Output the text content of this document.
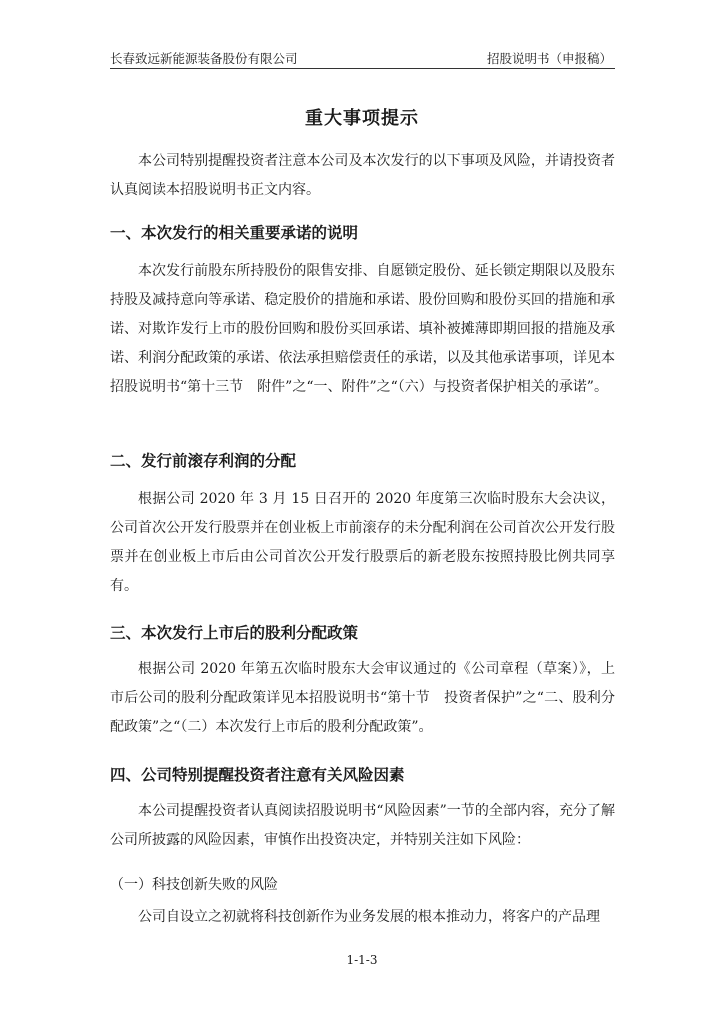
长春致远新能源装备股份有限公司	招股说明书（申报稿）
重大事项提示

本公司特别提醒投资者注意本公司及本次发行的以下事项及风险，并请投资者认真阅读本招股说明书正文内容。

一、本次发行的相关重要承诺的说明

本次发行前股东所持股份的限售安排、自愿锁定股份、延长锁定期限以及股东持股及减持意向等承诺、稳定股价的措施和承诺、股份回购和股份买回的措施和承诺、对欺诈发行上市的股份回购和股份买回承诺、填补被摊薄即期回报的措施及承诺、利润分配政策的承诺、依法承担赔偿责任的承诺，以及其他承诺事项，详见本招股说明书“第十三节　附件”之“一、附件”之“（六）与投资者保护相关的承诺”。

二、发行前滚存利润的分配

根据公司 2020 年 3 月 15 日召开的 2020 年度第三次临时股东大会决议，公司首次公开发行股票并在创业板上市前滚存的未分配利润在公司首次公开发行股票并在创业板上市后由公司首次公开发行股票后的新老股东按照持股比例共同享有。

三、本次发行上市后的股利分配政策

根据公司 2020 年第五次临时股东大会审议通过的《公司章程（草案）》，上市后公司的股利分配政策详见本招股说明书“第十节　投资者保护”之“二、股利分配政策”之“（二）本次发行上市后的股利分配政策”。

四、公司特别提醒投资者注意有关风险因素

本公司提醒投资者认真阅读招股说明书“风险因素”一节的全部内容，充分了解公司所披露的风险因素，审慎作出投资决定，并特别关注如下风险：

（一）科技创新失败的风险

公司自设立之初就将科技创新作为业务发展的根本推动力，将客户的产品理

1-1-3
